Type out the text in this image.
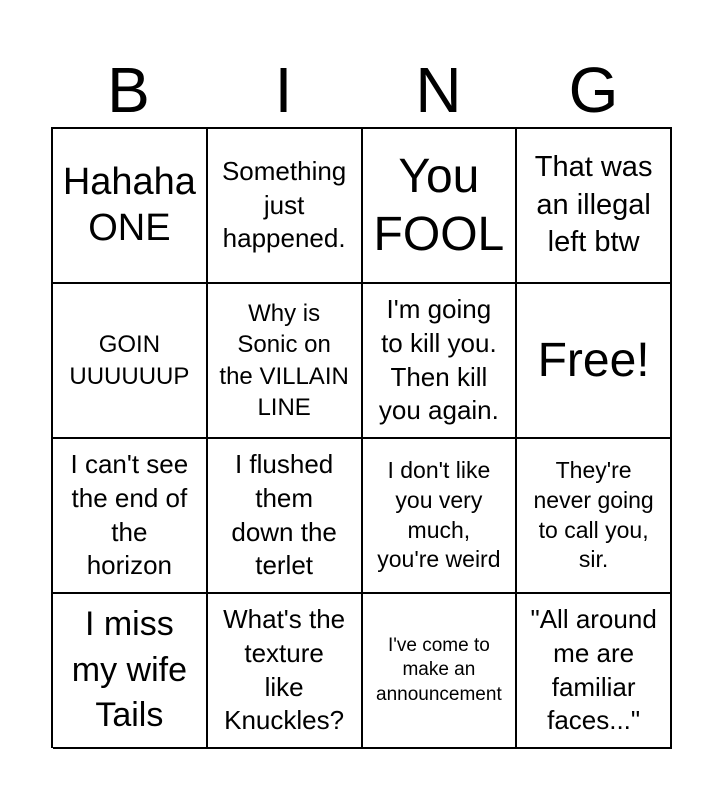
B	I	N	G
Hahaha
ONE
Something
just
happened.
You
FOOL
That was
an illegal
left btw
GOIN
UUUUUUP
Why is
Sonic on
the VILLAIN
LINE
I'm going
to kill you.
Then kill
you again.
Free!
I can't see
the end of
the
horizon
I flushed
them
down the
terlet
I don't like
you very
much,
you're weird
They're
never going
to call you,
sir.
I miss
my wife
Tails
What's the
texture
like
Knuckles?
I've come to
make an
announcement
"All around
me are
familiar
faces..."
